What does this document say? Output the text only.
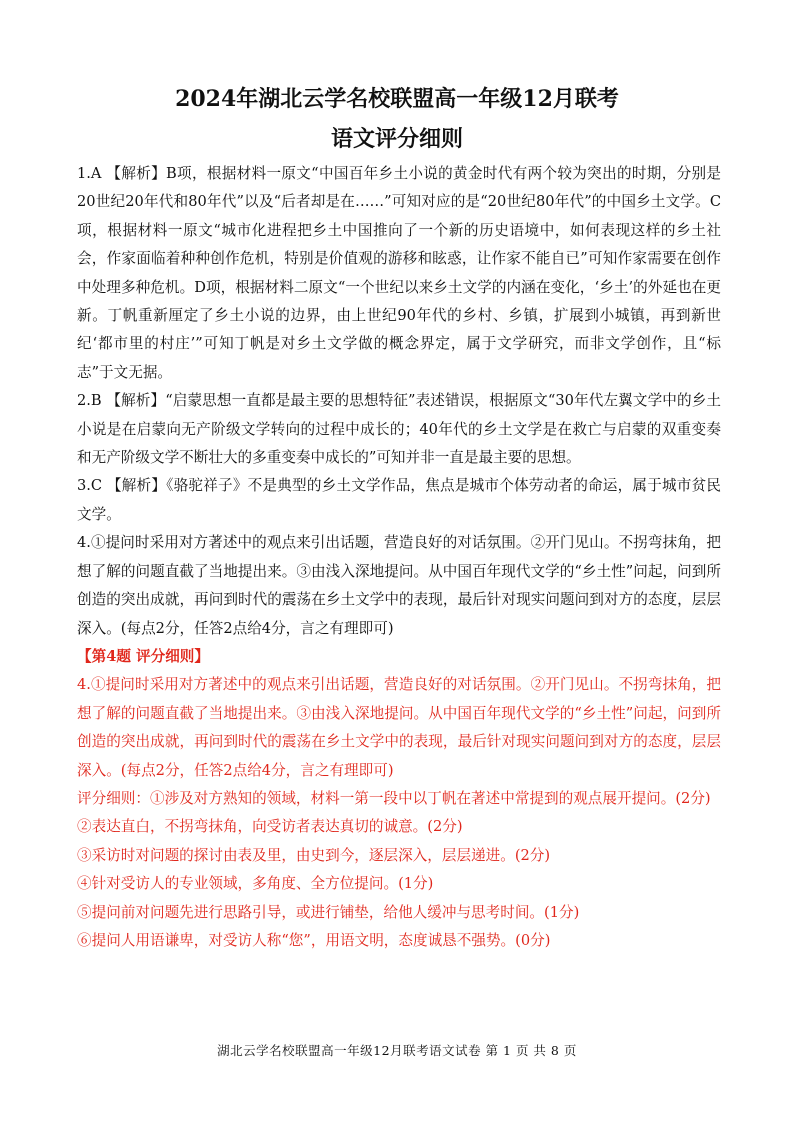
2024年湖北云学名校联盟高一年级12月联考
语文评分细则

1.A 【解析】B项，根据材料一原文“中国百年乡土小说的黄金时代有两个较为突出的时期，分别是20世纪20年代和80年代”以及“后者却是在……”可知对应的是“20世纪80年代”的中国乡土文学。C项，根据材料一原文“城市化进程把乡土中国推向了一个新的历史语境中，如何表现这样的乡土社会，作家面临着种种创作危机，特别是价值观的游移和眩惑，让作家不能自已”可知作家需要在创作中处理多种危机。D项，根据材料二原文“一个世纪以来乡土文学的内涵在变化，‘乡土’的外延也在更新。丁帆重新厘定了乡土小说的边界，由上世纪90年代的乡村、乡镇，扩展到小城镇，再到新世纪‘都市里的村庄’”可知丁帆是对乡土文学做的概念界定，属于文学研究，而非文学创作，且“标志”于文无据。

2.B 【解析】“启蒙思想一直都是最主要的思想特征”表述错误，根据原文“30年代左翼文学中的乡土小说是在启蒙向无产阶级文学转向的过程中成长的；40年代的乡土文学是在救亡与启蒙的双重变奏和无产阶级文学不断壮大的多重变奏中成长的”可知并非一直是最主要的思想。

3.C 【解析】《骆驼祥子》不是典型的乡土文学作品，焦点是城市个体劳动者的命运，属于城市贫民文学。

4.①提问时采用对方著述中的观点来引出话题，营造良好的对话氛围。②开门见山。不拐弯抹角，把想了解的问题直截了当地提出来。③由浅入深地提问。从中国百年现代文学的“乡土性”问起，问到所创造的突出成就，再问到时代的震荡在乡土文学中的表现，最后针对现实问题问到对方的态度，层层深入。(每点2分，任答2点给4分，言之有理即可)

【第4题 评分细则】

4.①提问时采用对方著述中的观点来引出话题，营造良好的对话氛围。②开门见山。不拐弯抹角，把想了解的问题直截了当地提出来。③由浅入深地提问。从中国百年现代文学的“乡土性”问起，问到所创造的突出成就，再问到时代的震荡在乡土文学中的表现，最后针对现实问题问到对方的态度，层层深入。(每点2分，任答2点给4分，言之有理即可)

评分细则：①涉及对方熟知的领域，材料一第一段中以丁帆在著述中常提到的观点展开提问。(2分)

②表达直白，不拐弯抹角，向受访者表达真切的诚意。(2分)

③采访时对问题的探讨由表及里，由史到今，逐层深入，层层递进。(2分)

④针对受访人的专业领域，多角度、全方位提问。(1分)

⑤提问前对问题先进行思路引导，或进行铺垫，给他人缓冲与思考时间。(1分)

⑥提问人用语谦卑，对受访人称“您”，用语文明，态度诚恳不强势。(0分)

湖北云学名校联盟高一年级12月联考语文试卷 第 1 页 共 8 页
